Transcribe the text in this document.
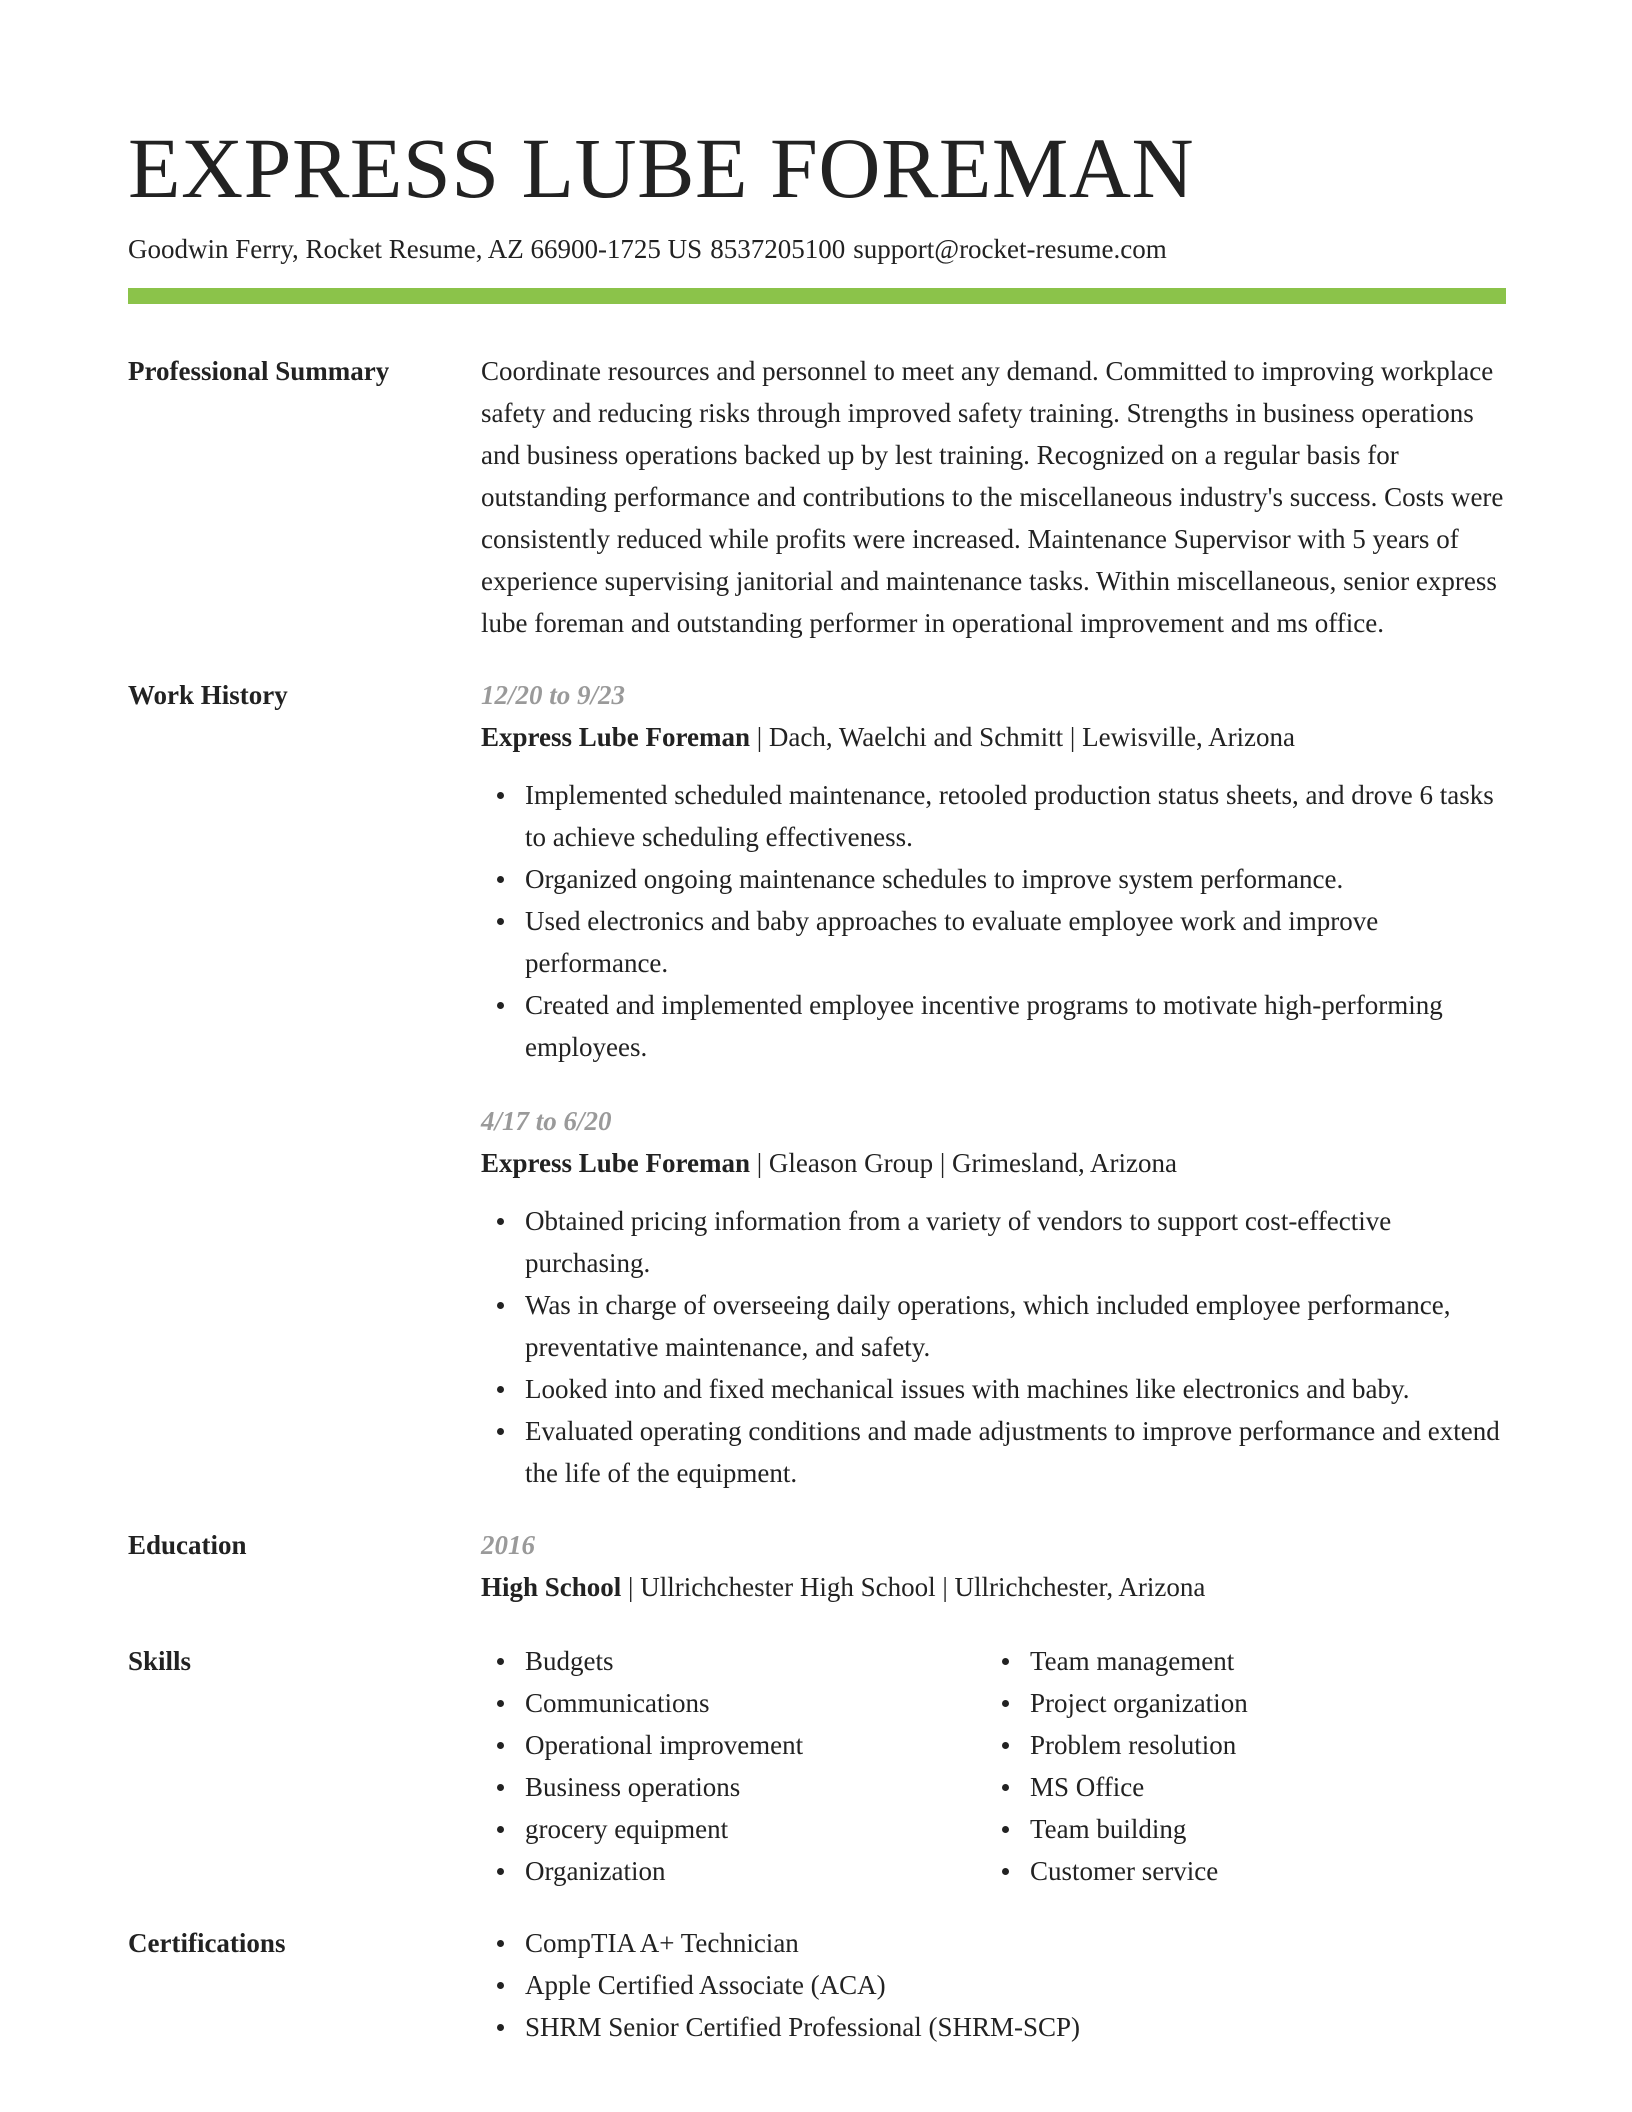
EXPRESS LUBE FOREMAN
Goodwin Ferry, Rocket Resume, AZ 66900-1725 US 8537205100 support@rocket-resume.com
Professional Summary	Coordinate resources and personnel to meet any demand. Committed to improving workplace safety and reducing risks through improved safety training. Strengths in business operations and business operations backed up by lest training. Recognized on a regular basis for outstanding performance and contributions to the miscellaneous industry's success. Costs were consistently reduced while profits were increased. Maintenance Supervisor with 5 years of experience supervising janitorial and maintenance tasks. Within miscellaneous, senior express lube foreman and outstanding performer in operational improvement and ms office.

Work History	12/20 to 9/23
Express Lube Foreman | Dach, Waelchi and Schmitt | Lewisville, Arizona
Implemented scheduled maintenance, retooled production status sheets, and drove 6 tasks to achieve scheduling effectiveness.
Organized ongoing maintenance schedules to improve system performance.
Used electronics and baby approaches to evaluate employee work and improve performance.
Created and implemented employee incentive programs to motivate high-performing employees.
4/17 to 6/20
Express Lube Foreman | Gleason Group | Grimesland, Arizona
Obtained pricing information from a variety of vendors to support cost-effective purchasing.
Was in charge of overseeing daily operations, which included employee performance, preventative maintenance, and safety.
Looked into and fixed mechanical issues with machines like electronics and baby.
Evaluated operating conditions and made adjustments to improve performance and extend the life of the equipment.
Education	2016
High School | Ullrichchester High School | Ullrichchester, Arizona
Skills	Budgets
Communications
Operational improvement
Business operations
grocery equipment
Organization
Team management
Project organization
Problem resolution
MS Office
Team building
Customer service
Certifications	CompTIA A+ Technician
Apple Certified Associate (ACA)
SHRM Senior Certified Professional (SHRM-SCP)
